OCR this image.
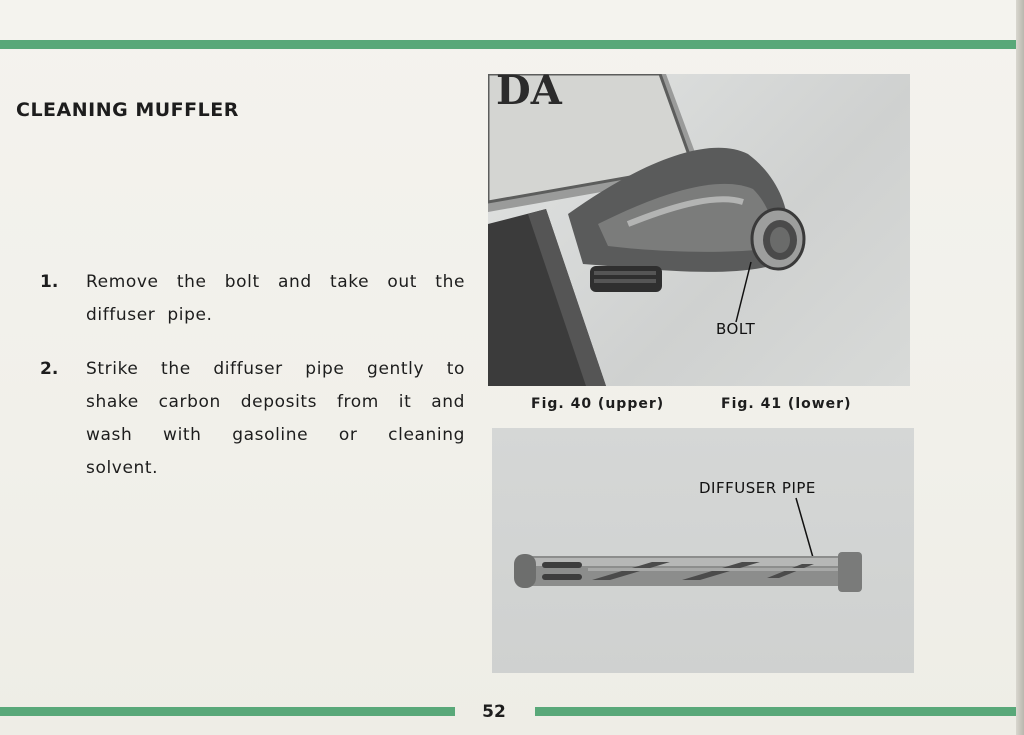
CLEANING MUFFLER
1. Remove the bolt and take out the diffuser pipe.
2. Strike the diffuser pipe gently to shake carbon deposits from it and wash with gasoline or cleaning solvent.
DA
BOLT
Fig. 40 (upper)	Fig. 41 (lower)
DIFFUSER PIPE
52
